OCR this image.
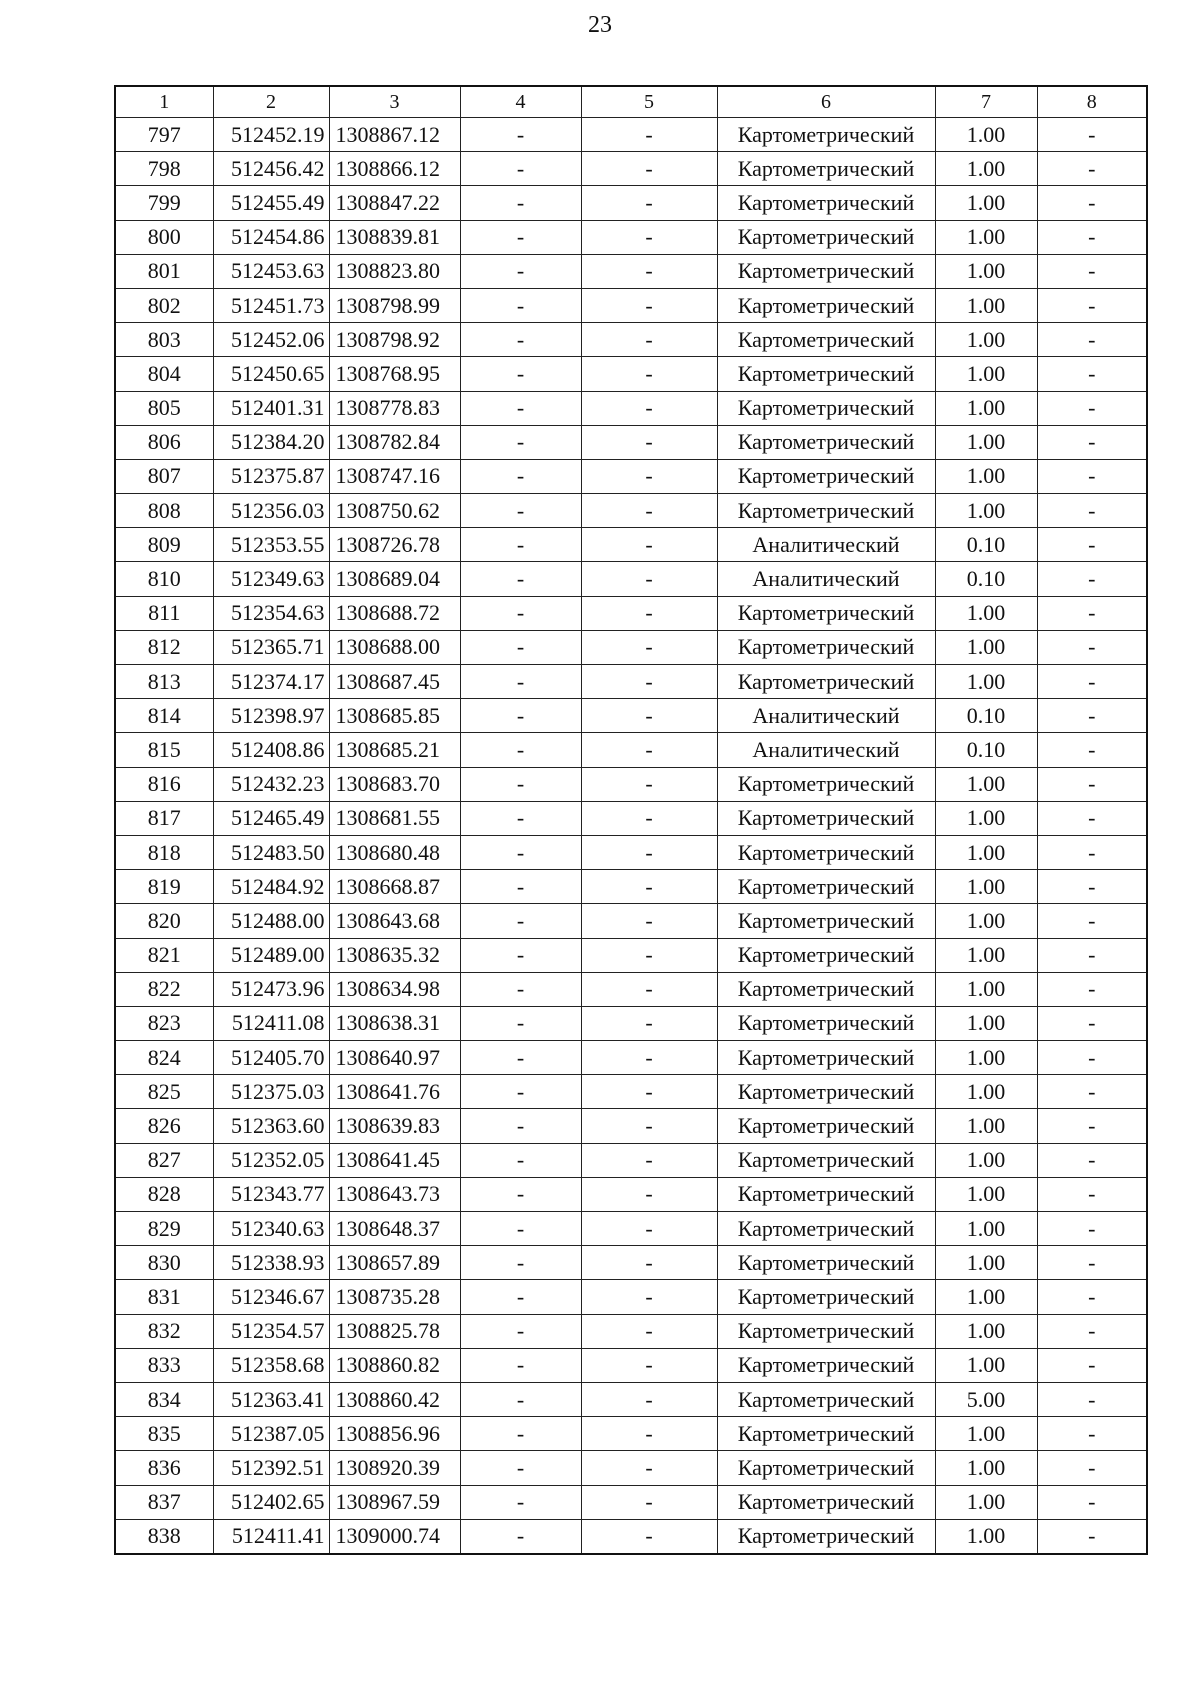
23
1	2	3	4	5	6	7	8
797	512452.19	1308867.12	-	-	Картометрический	1.00	-
798	512456.42	1308866.12	-	-	Картометрический	1.00	-
799	512455.49	1308847.22	-	-	Картометрический	1.00	-
800	512454.86	1308839.81	-	-	Картометрический	1.00	-
801	512453.63	1308823.80	-	-	Картометрический	1.00	-
802	512451.73	1308798.99	-	-	Картометрический	1.00	-
803	512452.06	1308798.92	-	-	Картометрический	1.00	-
804	512450.65	1308768.95	-	-	Картометрический	1.00	-
805	512401.31	1308778.83	-	-	Картометрический	1.00	-
806	512384.20	1308782.84	-	-	Картометрический	1.00	-
807	512375.87	1308747.16	-	-	Картометрический	1.00	-
808	512356.03	1308750.62	-	-	Картометрический	1.00	-
809	512353.55	1308726.78	-	-	Аналитический	0.10	-
810	512349.63	1308689.04	-	-	Аналитический	0.10	-
811	512354.63	1308688.72	-	-	Картометрический	1.00	-
812	512365.71	1308688.00	-	-	Картометрический	1.00	-
813	512374.17	1308687.45	-	-	Картометрический	1.00	-
814	512398.97	1308685.85	-	-	Аналитический	0.10	-
815	512408.86	1308685.21	-	-	Аналитический	0.10	-
816	512432.23	1308683.70	-	-	Картометрический	1.00	-
817	512465.49	1308681.55	-	-	Картометрический	1.00	-
818	512483.50	1308680.48	-	-	Картометрический	1.00	-
819	512484.92	1308668.87	-	-	Картометрический	1.00	-
820	512488.00	1308643.68	-	-	Картометрический	1.00	-
821	512489.00	1308635.32	-	-	Картометрический	1.00	-
822	512473.96	1308634.98	-	-	Картометрический	1.00	-
823	512411.08	1308638.31	-	-	Картометрический	1.00	-
824	512405.70	1308640.97	-	-	Картометрический	1.00	-
825	512375.03	1308641.76	-	-	Картометрический	1.00	-
826	512363.60	1308639.83	-	-	Картометрический	1.00	-
827	512352.05	1308641.45	-	-	Картометрический	1.00	-
828	512343.77	1308643.73	-	-	Картометрический	1.00	-
829	512340.63	1308648.37	-	-	Картометрический	1.00	-
830	512338.93	1308657.89	-	-	Картометрический	1.00	-
831	512346.67	1308735.28	-	-	Картометрический	1.00	-
832	512354.57	1308825.78	-	-	Картометрический	1.00	-
833	512358.68	1308860.82	-	-	Картометрический	1.00	-
834	512363.41	1308860.42	-	-	Картометрический	5.00	-
835	512387.05	1308856.96	-	-	Картометрический	1.00	-
836	512392.51	1308920.39	-	-	Картометрический	1.00	-
837	512402.65	1308967.59	-	-	Картометрический	1.00	-
838	512411.41	1309000.74	-	-	Картометрический	1.00	-
